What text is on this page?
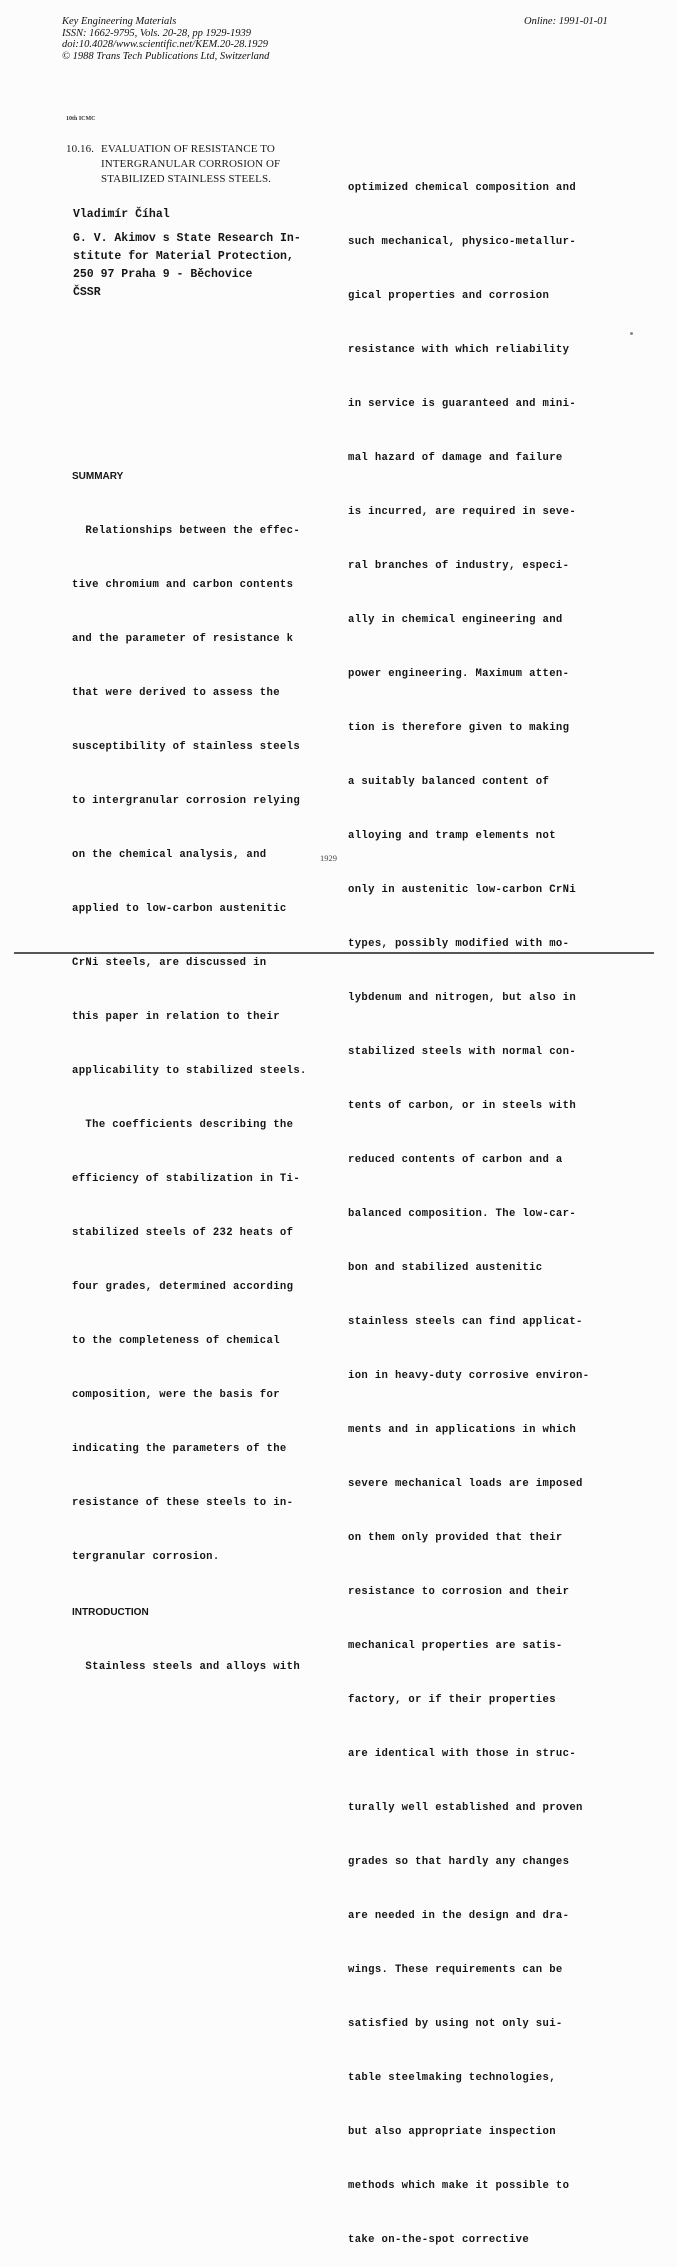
Key Engineering Materials
ISSN: 1662-9795, Vols. 20-28, pp 1929-1939
doi:10.4028/www.scientific.net/KEM.20-28.1929
© 1988 Trans Tech Publications Ltd, Switzerland
Online: 1991-01-01
10th ICMC
10.16. EVALUATION OF RESISTANCE TO
INTERGRANULAR CORROSION OF
STABILIZED STAINLESS STEELS.
Vladimír Číhal
G. V. Akimov s State Research In-
stitute for Material Protection,
250 97 Praha 9 - Běchovice
ČSSR

SUMMARY

Relationships between the effec-

tive chromium and carbon contents

and the parameter of resistance k

that were derived to assess the

susceptibility of stainless steels

to intergranular corrosion relying

on the chemical analysis, and

applied to low-carbon austenitic

CrNi steels, are discussed in

this paper in relation to their

applicability to stabilized steels.

The coefficients describing the

efficiency of stabilization in Ti-

stabilized steels of 232 heats of

four grades, determined according

to the completeness of chemical

composition, were the basis for

indicating the parameters of the

resistance of these steels to in-

tergranular corrosion.

INTRODUCTION

Stainless steels and alloys with

optimized chemical composition and

such mechanical, physico-metallur-

gical properties and corrosion

resistance with which reliability

in service is guaranteed and mini-

mal hazard of damage and failure

is incurred, are required in seve-

ral branches of industry, especi-

ally in chemical engineering and

power engineering. Maximum atten-

tion is therefore given to making

a suitably balanced content of

alloying and tramp elements not

only in austenitic low-carbon CrNi

types, possibly modified with mo-

lybdenum and nitrogen, but also in

stabilized steels with normal con-

tents of carbon, or in steels with

reduced contents of carbon and a

balanced composition. The low-car-

bon and stabilized austenitic

stainless steels can find applicat-

ion in heavy-duty corrosive environ-

ments and in applications in which

severe mechanical loads are imposed

on them only provided that their

resistance to corrosion and their

mechanical properties are satis-

factory, or if their properties

are identical with those in struc-

turally well established and proven

grades so that hardly any changes

are needed in the design and dra-

wings. These requirements can be

satisfied by using not only sui-

table steelmaking technologies,

but also appropriate inspection

methods which make it possible to

take on-the-spot corrective

1929
